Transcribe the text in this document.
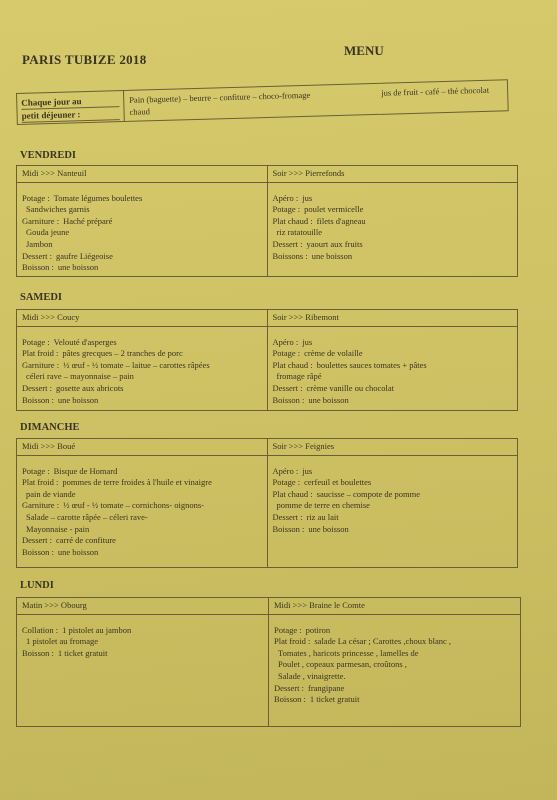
PARIS TUBIZE 2018
MENU
Chaque jour au
petit déjeuner :
Pain (baguette) – beurre – confiture – choco-fromage
chaud
jus de fruit - café – thé chocolat
VENDREDI
Midi >>> Nanteuil
Potage : Tomate légumes boulettes
Sandwiches garnis
Garniture : Haché préparé
Gouda jeune
Jambon
Dessert : gaufre Liégeoise
Boisson : une boisson
Soir >>> Pierrefonds
Apéro : jus
Potage : poulet vermicelle
Plat chaud : filets d'agneau
riz ratatouille
Dessert : yaourt aux fruits
Boissons : une boisson
SAMEDI
Midi >>> Coucy
Potage : Velouté d'asperges
Plat froid : pâtes grecques – 2 tranches de porc
Garniture : ½ œuf - ½ tomate – laitue – carottes râpées
céleri rave – mayonnaise – pain
Dessert : gosette aux abricots
Boisson : une boisson
Soir >>> Ribemont
Apéro : jus
Potage : crème de volaille
Plat chaud : boulettes sauces tomates + pâtes
fromage râpé
Dessert : crème vanille ou chocolat
Boisson : une boisson
DIMANCHE
Midi >>> Boué
Potage : Bisque de Homard
Plat froid : pommes de terre froides à l'huile et vinaigre
pain de viande
Garniture : ½ œuf - ½ tomate – cornichons- oignons-
Salade – carotte râpée – céleri rave-
Mayonnaise - pain
Dessert : carré de confiture
Boisson : une boisson
Soir >>> Feignies
Apéro : jus
Potage : cerfeuil et boulettes
Plat chaud : saucisse – compote de pomme
pomme de terre en chemise
Dessert : riz au lait
Boisson : une boisson
LUNDI
Matin >>> Obourg
Collation : 1 pistolet au jambon
1 pistolet au fromage
Boisson : 1 ticket gratuit
Midi >>> Braine le Comte
Potage : potiron
Plat froid : salade La césar ; Carottes ,choux blanc ,
Tomates , haricots princesse , lamelles de
Poulet , copeaux parmesan, croûtons ,
Salade , vinaigrette.
Dessert : frangipane
Boisson : 1 ticket gratuit
